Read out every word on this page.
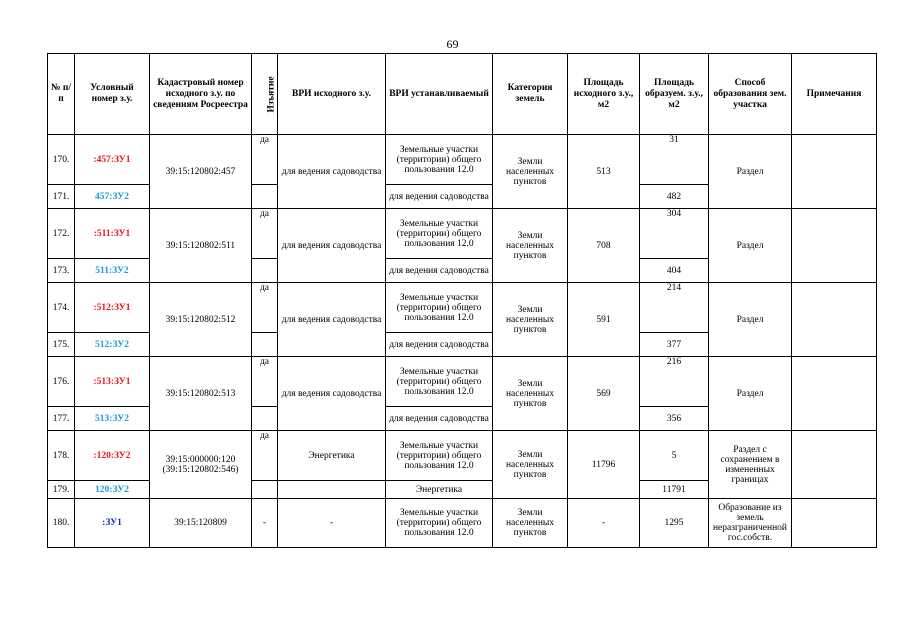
69
№ п/п	Условный номер з.у.	Кадастровый номер исходного з.у. по сведениям Росреестра	Изъятие	ВРИ исходного з.у.	ВРИ устанавливаемый	Категория земель	Площадь исходного з.у., м2	Площадь образуем. з.у., м2	Способ образования зем. участка	Примечания
170.	:457:ЗУ1	39:15:120802:457	да	для ведения садоводства	Земельные участки (территории) общего пользования 12.0	Земли населенных пунктов	513	31	Раздел	
171.	457:ЗУ2				для ведения садоводства			482		
172.	:511:ЗУ1	39:15:120802:511	да	для ведения садоводства	Земельные участки (территории) общего пользования 12.0	Земли населенных пунктов	708	304	Раздел	
173.	511:ЗУ2				для ведения садоводства			404		
174.	:512:ЗУ1	39:15:120802:512	да	для ведения садоводства	Земельные участки (территории) общего пользования 12.0	Земли населенных пунктов	591	214	Раздел	
175.	512:ЗУ2				для ведения садоводства			377		
176.	:513:ЗУ1	39:15:120802:513	да	для ведения садоводства	Земельные участки (территории) общего пользования 12.0	Земли населенных пунктов	569	216	Раздел	
177.	513:ЗУ2				для ведения садоводства			356		
178.	:120:ЗУ2	39:15:000000:120 (39:15:120802:546)	да	Энергетика	Земельные участки (территории) общего пользования 12.0	Земли населенных пунктов	11796	5	Раздел с сохранением в измененных границах	
179.	120:ЗУ2				Энергетика			11791		
180.	:ЗУ1	39:15:120809	-	-	Земельные участки (территории) общего пользования 12.0	Земли населенных пунктов	-	1295	Образование из земель неразграниченной гос.собств.	
